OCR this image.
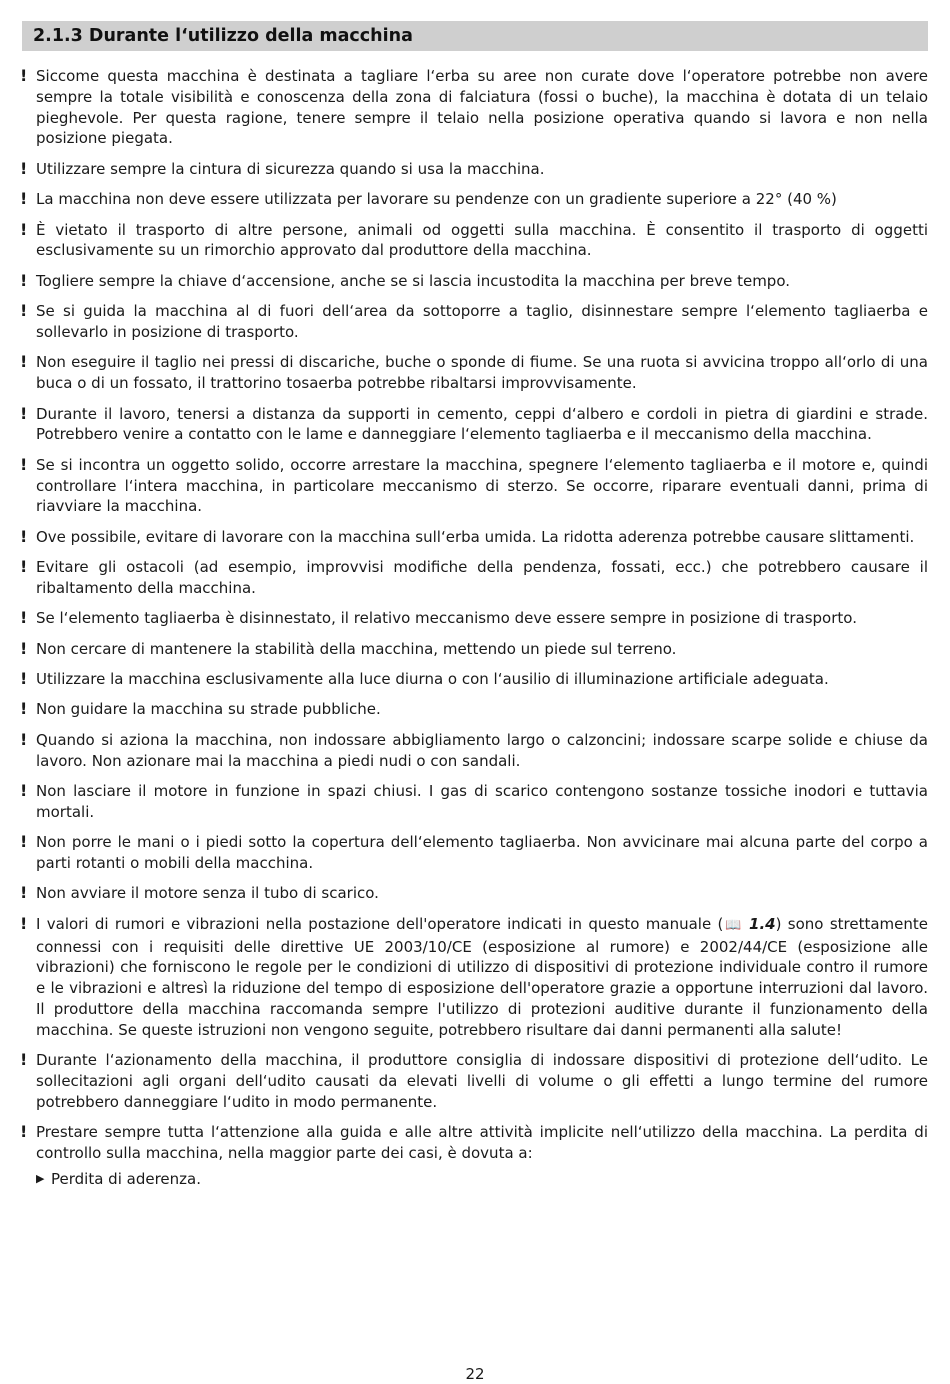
2.1.3 Durante l‘utilizzo della macchina
! Siccome questa macchina è destinata a tagliare l‘erba su aree non curate dove l‘operatore potrebbe non avere sempre la totale visibilità e conoscenza della zona di falciatura (fossi o buche), la macchina è dotata di un telaio pieghevole. Per questa ragione, tenere sempre il telaio nella posizione operativa quando si lavora e non nella posizione piegata.
! Utilizzare sempre la cintura di sicurezza quando si usa la macchina.
! La macchina non deve essere utilizzata per lavorare su pendenze con un gradiente superiore a 22° (40 %)
! È vietato il trasporto di altre persone, animali od oggetti sulla macchina. È consentito il trasporto di oggetti esclusivamente su un rimorchio approvato dal produttore della macchina.
! Togliere sempre la chiave d‘accensione, anche se si lascia incustodita la macchina per breve tempo.
! Se si guida la macchina al di fuori dell‘area da sottoporre a taglio, disinnestare sempre l‘elemento tagliaerba e sollevarlo in posizione di trasporto.
! Non eseguire il taglio nei pressi di discariche, buche o sponde di fiume. Se una ruota si avvicina troppo all‘orlo di una buca o di un fossato, il trattorino tosaerba potrebbe ribaltarsi improvvisamente.
! Durante il lavoro, tenersi a distanza da supporti in cemento, ceppi d‘albero e cordoli in pietra di giardini e strade. Potrebbero venire a contatto con le lame e danneggiare l‘elemento tagliaerba e il meccanismo della macchina.
! Se si incontra un oggetto solido, occorre arrestare la macchina, spegnere l‘elemento tagliaerba e il motore e, quindi controllare l‘intera macchina, in particolare meccanismo di sterzo. Se occorre, riparare eventuali danni, prima di riavviare la macchina.
! Ove possibile, evitare di lavorare con la macchina sull‘erba umida. La ridotta aderenza potrebbe causare slittamenti.
! Evitare gli ostacoli (ad esempio, improvvisi modifiche della pendenza, fossati, ecc.) che potrebbero causare il ribaltamento della macchina.
! Se l‘elemento tagliaerba è disinnestato, il relativo meccanismo deve essere sempre in posizione di trasporto.
! Non cercare di mantenere la stabilità della macchina, mettendo un piede sul terreno.
! Utilizzare la macchina esclusivamente alla luce diurna o con l‘ausilio di illuminazione artificiale adeguata.
! Non guidare la macchina su strade pubbliche.
! Quando si aziona la macchina, non indossare abbigliamento largo o calzoncini; indossare scarpe solide e chiuse da lavoro. Non azionare mai la macchina a piedi nudi o con sandali.
! Non lasciare il motore in funzione in spazi chiusi. I gas di scarico contengono sostanze tossiche inodori e tuttavia mortali.
! Non porre le mani o i piedi sotto la copertura dell‘elemento tagliaerba. Non avvicinare mai alcuna parte del corpo a parti rotanti o mobili della macchina.
! Non avviare il motore senza il tubo di scarico.
! I valori di rumori e vibrazioni nella postazione dell'operatore indicati in questo manuale (📖 1.4) sono strettamente connessi con i requisiti delle direttive UE 2003/10/CE (esposizione al rumore) e 2002/44/CE (esposizione alle vibrazioni) che forniscono le regole per le condizioni di utilizzo di dispositivi di protezione individuale contro il rumore e le vibrazioni e altresì la riduzione del tempo di esposizione dell'operatore grazie a opportune interruzioni dal lavoro. Il produttore della macchina raccomanda sempre l'utilizzo di protezioni auditive durante il funzionamento della macchina. Se queste istruzioni non vengono seguite, potrebbero risultare dai danni permanenti alla salute!
! Durante l‘azionamento della macchina, il produttore consiglia di indossare dispositivi di protezione dell‘udito. Le sollecitazioni agli organi dell‘udito causati da elevati livelli di volume o gli effetti a lungo termine del rumore potrebbero danneggiare l‘udito in modo permanente.
! Prestare sempre tutta l‘attenzione alla guida e alle altre attività implicite nell‘utilizzo della macchina. La perdita di controllo sulla macchina, nella maggior parte dei casi, è dovuta a:
▶ Perdita di aderenza.
22
